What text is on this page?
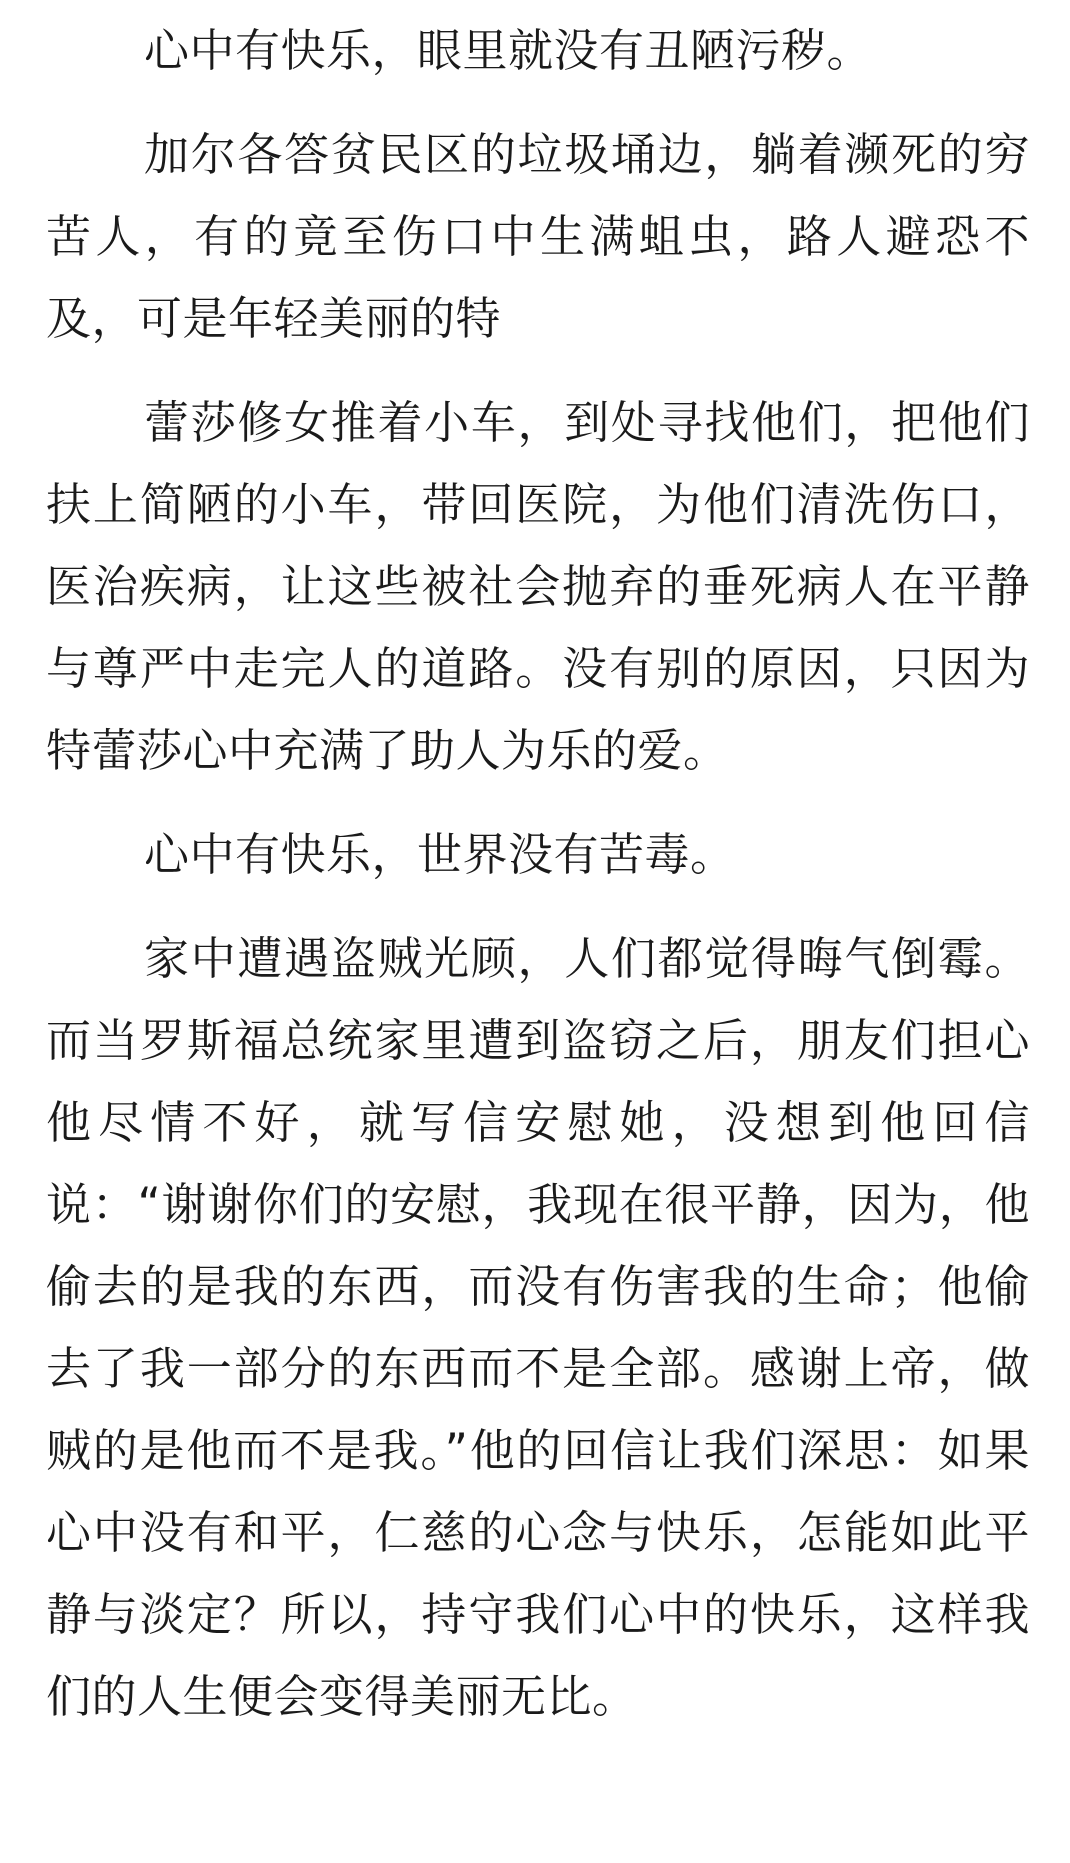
心中有快乐，眼里就没有丑陋污秽。

加尔各答贫民区的垃圾埇边，躺着濒死的穷苦人，有的竟至伤口中生满蛆虫，路人避恐不及，可是年轻美丽的特

蕾莎修女推着小车，到处寻找他们，把他们扶上简陋的小车，带回医院，为他们清洗伤口，医治疾病，让这些被社会抛弃的垂死病人在平静与尊严中走完人的道路。没有别的原因，只因为特蕾莎心中充满了助人为乐的爱。

心中有快乐，世界没有苦毒。

家中遭遇盗贼光顾，人们都觉得晦气倒霉。而当罗斯福总统家里遭到盗窃之后，朋友们担心他尽情不好，就写信安慰她，没想到他回信说：“谢谢你们的安慰，我现在很平静，因为，他偷去的是我的东西，而没有伤害我的生命；他偷去了我一部分的东西而不是全部。感谢上帝，做贼的是他而不是我。”他的回信让我们深思：如果心中没有和平，仁慈的心念与快乐，怎能如此平静与淡定？所以，持守我们心中的快乐，这样我们的人生便会变得美丽无比。
